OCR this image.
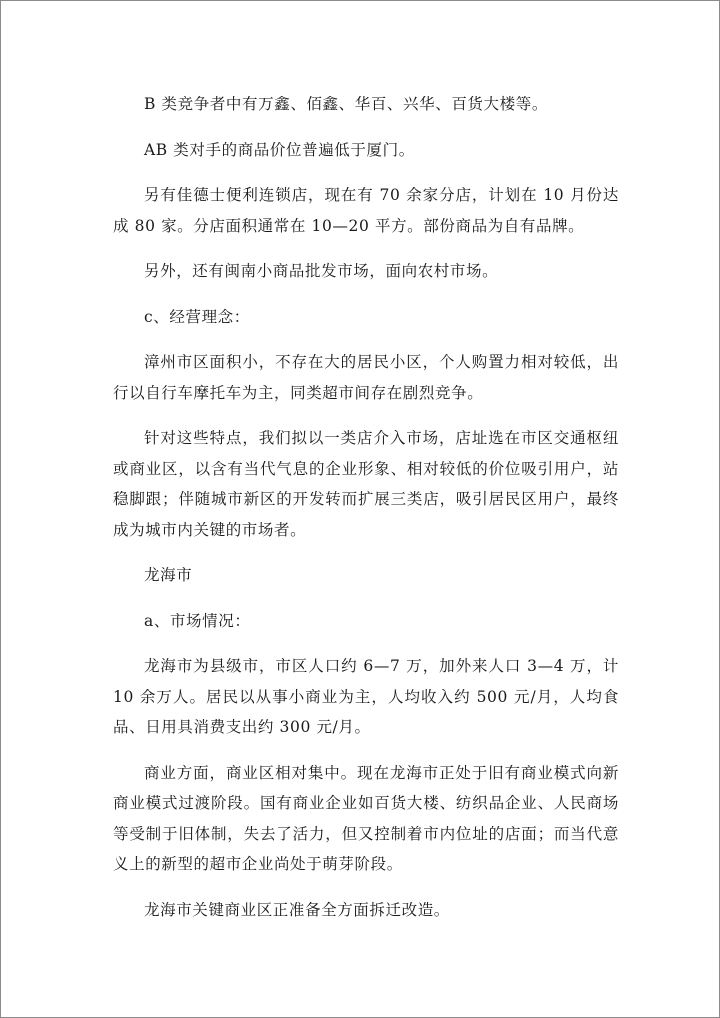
B 类竞争者中有万鑫、佰鑫、华百、兴华、百货大楼等。

AB 类对手的商品价位普遍低于厦门。

另有佳德士便利连锁店，现在有 70 余家分店，计划在 10 月份达成 80 家。分店面积通常在 10—20 平方。部份商品为自有品牌。

另外，还有闽南小商品批发市场，面向农村市场。

c、经营理念：

漳州市区面积小，不存在大的居民小区，个人购置力相对较低，出行以自行车摩托车为主，同类超市间存在剧烈竞争。

针对这些特点，我们拟以一类店介入市场，店址选在市区交通枢纽或商业区，以含有当代气息的企业形象、相对较低的价位吸引用户，站稳脚跟；伴随城市新区的开发转而扩展三类店，吸引居民区用户，最终成为城市内关键的市场者。

龙海市

a、市场情况：

龙海市为县级市，市区人口约 6—7 万，加外来人口 3—4 万，计 10 余万人。居民以从事小商业为主，人均收入约 500 元/月，人均食品、日用具消费支出约 300 元/月。

商业方面，商业区相对集中。现在龙海市正处于旧有商业模式向新商业模式过渡阶段。国有商业企业如百货大楼、纺织品企业、人民商场等受制于旧体制，失去了活力，但又控制着市内位址的店面；而当代意义上的新型的超市企业尚处于萌芽阶段。

龙海市关键商业区正准备全方面拆迁改造。
